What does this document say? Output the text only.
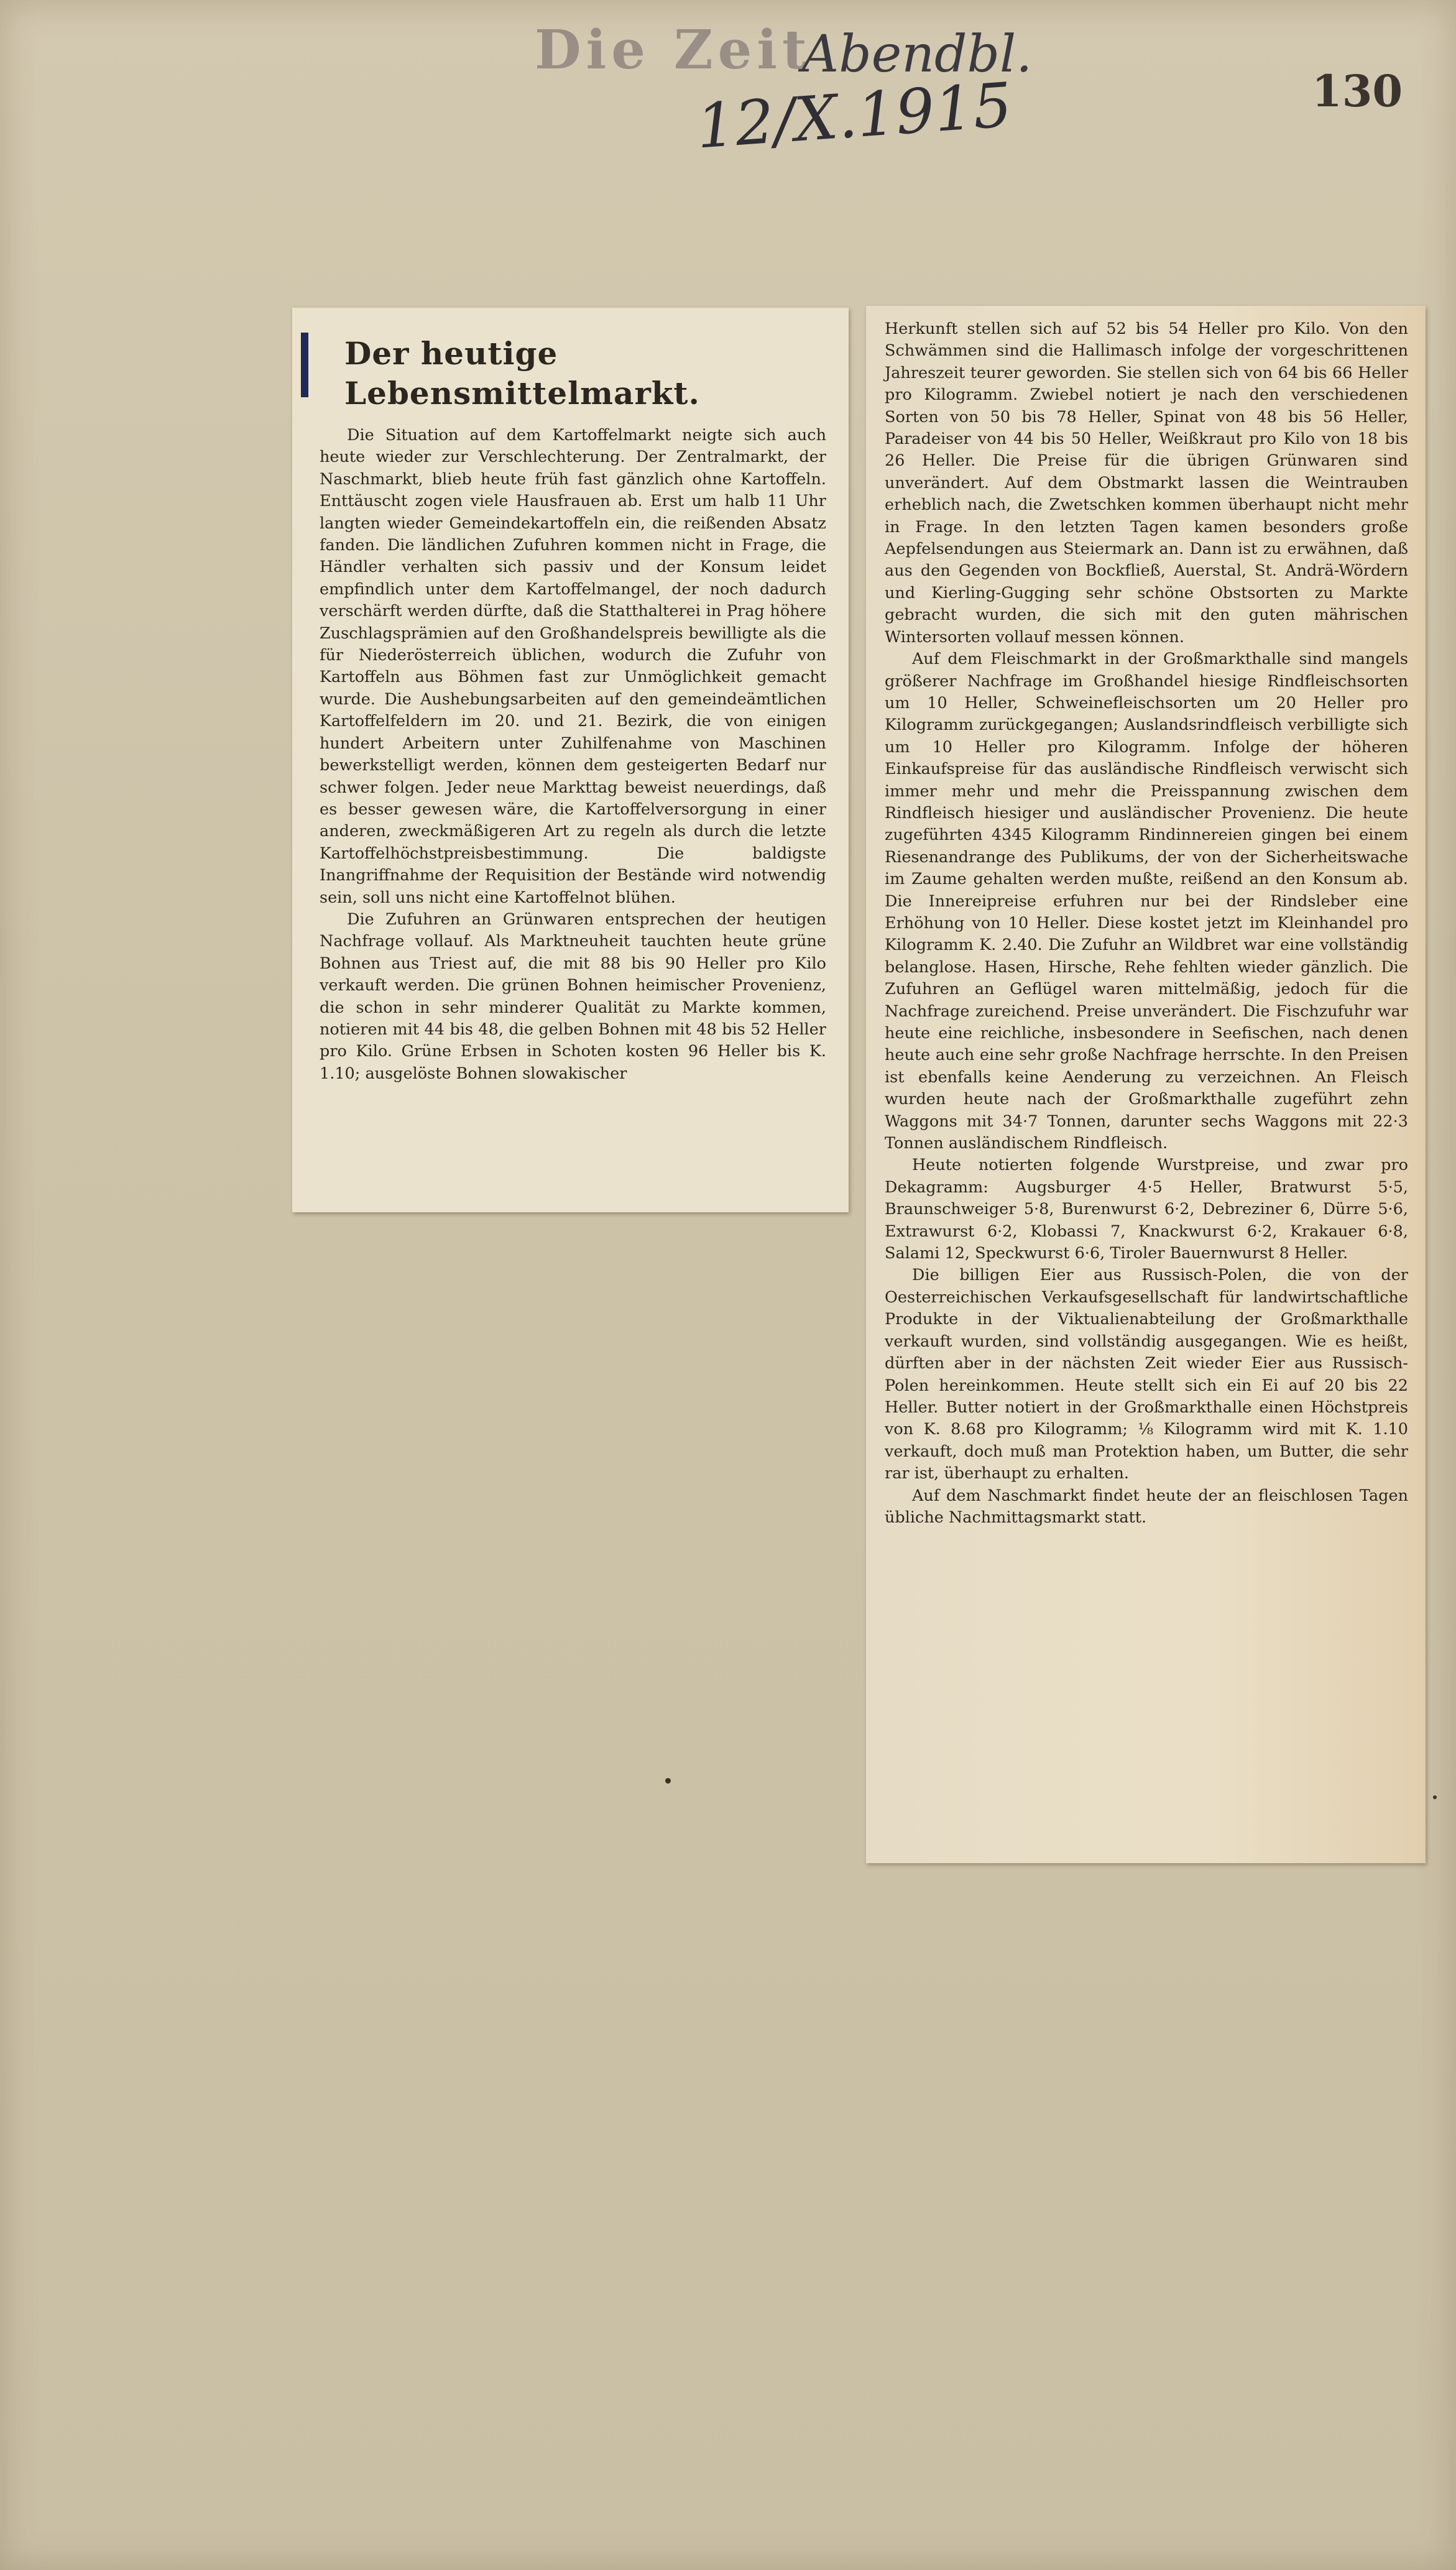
Die Zeit
Abendbl.
12/X.1915	130
Der heutige Lebensmittelmarkt.

Die Situation auf dem Kartoffelmarkt neigte sich auch heute wieder zur Verschlechterung. Der Zentralmarkt, der Naschmarkt, blieb heute früh fast gänzlich ohne Kartoffeln. Enttäuscht zogen viele Hausfrauen ab. Erst um halb 11 Uhr langten wieder Gemeindekartoffeln ein, die reißenden Absatz fanden. Die ländlichen Zufuhren kommen nicht in Frage, die Händler verhalten sich passiv und der Konsum leidet empfindlich unter dem Kartoffelmangel, der noch dadurch verschärft werden dürfte, daß die Statthalterei in Prag höhere Zuschlagsprämien auf den Großhandelspreis bewilligte als die für Niederösterreich üblichen, wodurch die Zufuhr von Kartoffeln aus Böhmen fast zur Unmöglichkeit gemacht wurde. Die Aushebungsarbeiten auf den gemeindeämtlichen Kartoffelfeldern im 20. und 21. Bezirk, die von einigen hundert Arbeitern unter Zuhilfenahme von Maschinen bewerkstelligt werden, können dem gesteigerten Bedarf nur schwer folgen. Jeder neue Markttag beweist neuerdings, daß es besser gewesen wäre, die Kartoffelversorgung in einer anderen, zweckmäßigeren Art zu regeln als durch die letzte Kartoffelhöchstpreisbestimmung. Die baldigste Inangriffnahme der Requisition der Bestände wird notwendig sein, soll uns nicht eine Kartoffelnot blühen.

Die Zufuhren an Grünwaren entsprechen der heutigen Nachfrage vollauf. Als Marktneuheit tauchten heute grüne Bohnen aus Triest auf, die mit 88 bis 90 Heller pro Kilo verkauft werden. Die grünen Bohnen heimischer Provenienz, die schon in sehr minderer Qualität zu Markte kommen, notieren mit 44 bis 48, die gelben Bohnen mit 48 bis 52 Heller pro Kilo. Grüne Erbsen in Schoten kosten 96 Heller bis K. 1.10; ausgelöste Bohnen slowakischer

Herkunft stellen sich auf 52 bis 54 Heller pro Kilo. Von den Schwämmen sind die Hallimasch infolge der vorgeschrittenen Jahreszeit teurer geworden. Sie stellen sich von 64 bis 66 Heller pro Kilogramm. Zwiebel notiert je nach den verschiedenen Sorten von 50 bis 78 Heller, Spinat von 48 bis 56 Heller, Paradeiser von 44 bis 50 Heller, Weißkraut pro Kilo von 18 bis 26 Heller. Die Preise für die übrigen Grünwaren sind unverändert. Auf dem Obstmarkt lassen die Weintrauben erheblich nach, die Zwetschken kommen überhaupt nicht mehr in Frage. In den letzten Tagen kamen besonders große Aepfelsendungen aus Steiermark an. Dann ist zu erwähnen, daß aus den Gegenden von Bockfließ, Auerstal, St. Andrä-Wördern und Kierling-Gugging sehr schöne Obstsorten zu Markte gebracht wurden, die sich mit den guten mährischen Wintersorten vollauf messen können.

Auf dem Fleischmarkt in der Großmarkthalle sind mangels größerer Nachfrage im Großhandel hiesige Rindfleischsorten um 10 Heller, Schweinefleischsorten um 20 Heller pro Kilogramm zurückgegangen; Auslandsrindfleisch verbilligte sich um 10 Heller pro Kilogramm. Infolge der höheren Einkaufspreise für das ausländische Rindfleisch verwischt sich immer mehr und mehr die Preisspannung zwischen dem Rindfleisch hiesiger und ausländischer Provenienz. Die heute zugeführten 4345 Kilogramm Rindinnereien gingen bei einem Riesenandrange des Publikums, der von der Sicherheitswache im Zaume gehalten werden mußte, reißend an den Konsum ab. Die Innereipreise erfuhren nur bei der Rindsleber eine Erhöhung von 10 Heller. Diese kostet jetzt im Kleinhandel pro Kilogramm K. 2.40. Die Zufuhr an Wildbret war eine vollständig belanglose. Hasen, Hirsche, Rehe fehlten wieder gänzlich. Die Zufuhren an Geflügel waren mittelmäßig, jedoch für die Nachfrage zureichend. Preise unverändert. Die Fischzufuhr war heute eine reichliche, insbesondere in Seefischen, nach denen heute auch eine sehr große Nachfrage herrschte. In den Preisen ist ebenfalls keine Aenderung zu verzeichnen. An Fleisch wurden heute nach der Großmarkthalle zugeführt zehn Waggons mit 34·7 Tonnen, darunter sechs Waggons mit 22·3 Tonnen ausländischem Rindfleisch.

Heute notierten folgende Wurstpreise, und zwar pro Dekagramm: Augsburger 4·5 Heller, Bratwurst 5·5, Braunschweiger 5·8, Burenwurst 6·2, Debreziner 6, Dürre 5·6, Extrawurst 6·2, Klobassi 7, Knackwurst 6·2, Krakauer 6·8, Salami 12, Speckwurst 6·6, Tiroler Bauernwurst 8 Heller.

Die billigen Eier aus Russisch-Polen, die von der Oesterreichischen Verkaufsgesellschaft für landwirtschaftliche Produkte in der Viktualienabteilung der Großmarkthalle verkauft wurden, sind vollständig ausgegangen. Wie es heißt, dürften aber in der nächsten Zeit wieder Eier aus Russisch-Polen hereinkommen. Heute stellt sich ein Ei auf 20 bis 22 Heller. Butter notiert in der Großmarkthalle einen Höchstpreis von K. 8.68 pro Kilogramm; ⅛ Kilogramm wird mit K. 1.10 verkauft, doch muß man Protektion haben, um Butter, die sehr rar ist, überhaupt zu erhalten.

Auf dem Naschmarkt findet heute der an fleischlosen Tagen übliche Nachmittagsmarkt statt.
